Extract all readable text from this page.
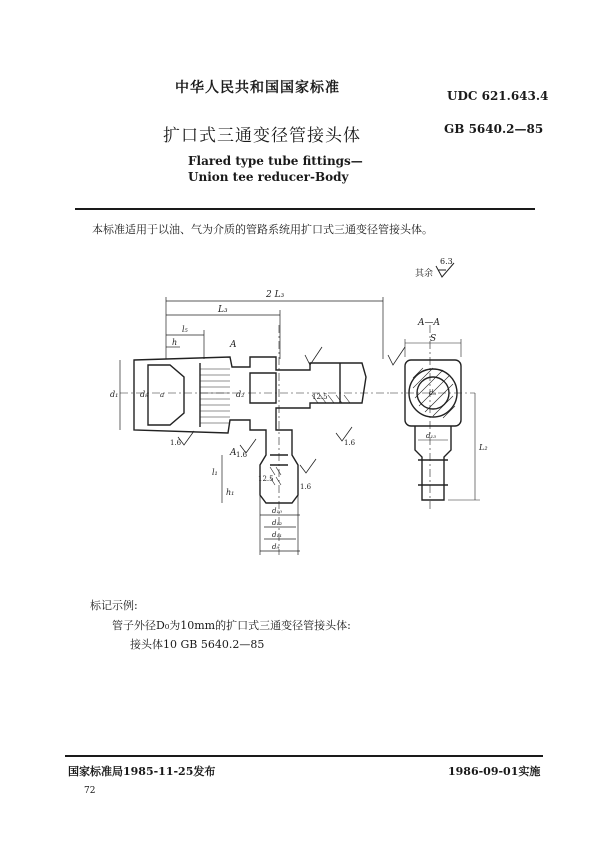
中华人民共和国国家标准	UDC 621.643.4
扩口式三通变径管接头体	GB 5640.2—85
Flared type tube fittings—
Union tee reducer-Body
本标准适用于以油、气为介质的管路系统用扩口式三通变径管接头体。
其余
6.3
2 L₃
L₃
l₅
h
a
d₁	d₈	d₂
l₁
h₁
d₁₀
d₁₂
d₁₁
d₉
A
A
12.5
12.5
1.6	1.6
1.6
1.6
A—A
S
d₆
d₁₃
L₂
标记示例:
管子外径D₀为10mm的扩口式三通变径管接头体:
接头体10 GB 5640.2—85
国家标准局1985-11-25发布	1986-09-01实施
72
